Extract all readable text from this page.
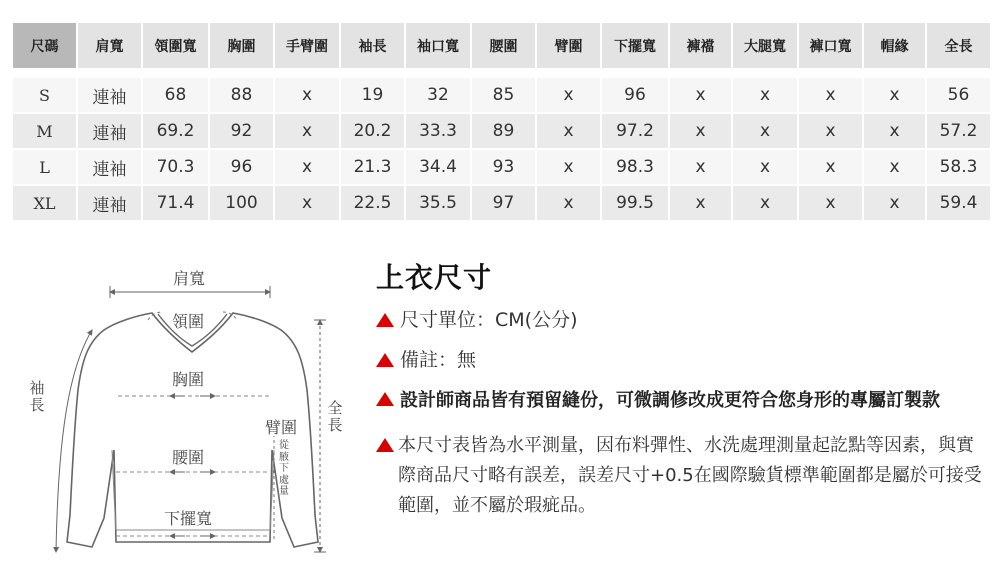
尺碼	肩寬	領圍寬	胸圍	手臂圍	袖長	袖口寬	腰圍	臂圍	下擺寬	褲襠	大腿寬	褲口寬	帽緣	全長

S	連袖	68	88	x	19	32	85	x	96	x	x	x	x	56
M	連袖	69.2	92	x	20.2	33.3	89	x	97.2	x	x	x	x	57.2
L	連袖	70.3	96	x	21.3	34.4	93	x	98.3	x	x	x	x	58.3
XL	連袖	71.4	100	x	22.5	35.5	97	x	99.5	x	x	x	x	59.4
肩寬
領圍
胸圍
腰圍
下擺寬
袖長
臂圍
從腋下處量
全長
上衣尺寸
尺寸單位：CM(公分)
備註：無
設計師商品皆有預留縫份，可微調修改成更符合您身形的專屬訂製款
本尺寸表皆為水平測量，因布料彈性、水洗處理測量起訖點等因素，與實際商品尺寸略有誤差，誤差尺寸+0.5在國際驗貨標準範圍都是屬於可接受範圍，並不屬於瑕疵品。
